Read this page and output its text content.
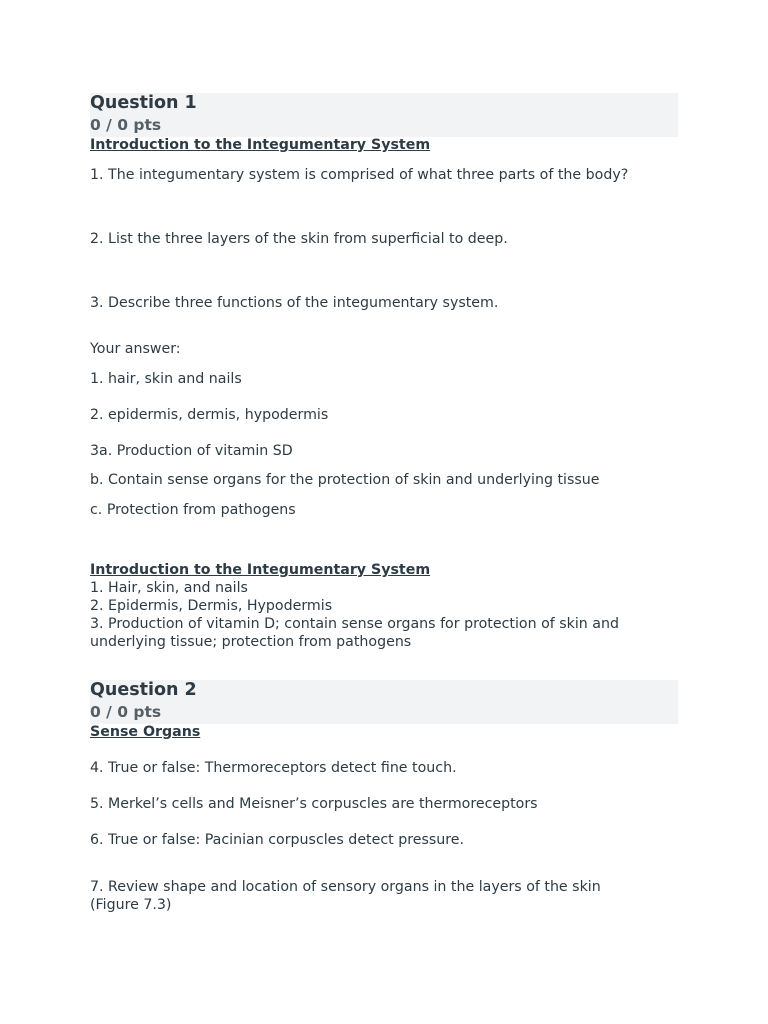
Question 1
0 / 0 pts
Introduction to the Integumentary System
1. The integumentary system is comprised of what three parts of the body?
2. List the three layers of the skin from superficial to deep.
3. Describe three functions of the integumentary system.
Your answer:
1. hair, skin and nails
2. epidermis, dermis, hypodermis
3a. Production of vitamin SD
b. Contain sense organs for the protection of skin and underlying tissue
c. Protection from pathogens
Introduction to the Integumentary System
1. Hair, skin, and nails
2. Epidermis, Dermis, Hypodermis
3. Production of vitamin D; contain sense organs for protection of skin and underlying tissue; protection from pathogens
Question 2
0 / 0 pts
Sense Organs
4. True or false: Thermoreceptors detect fine touch.
5. Merkel’s cells and Meisner’s corpuscles are thermoreceptors
6. True or false: Pacinian corpuscles detect pressure.
7. Review shape and location of sensory organs in the layers of the skin (Figure 7.3)
